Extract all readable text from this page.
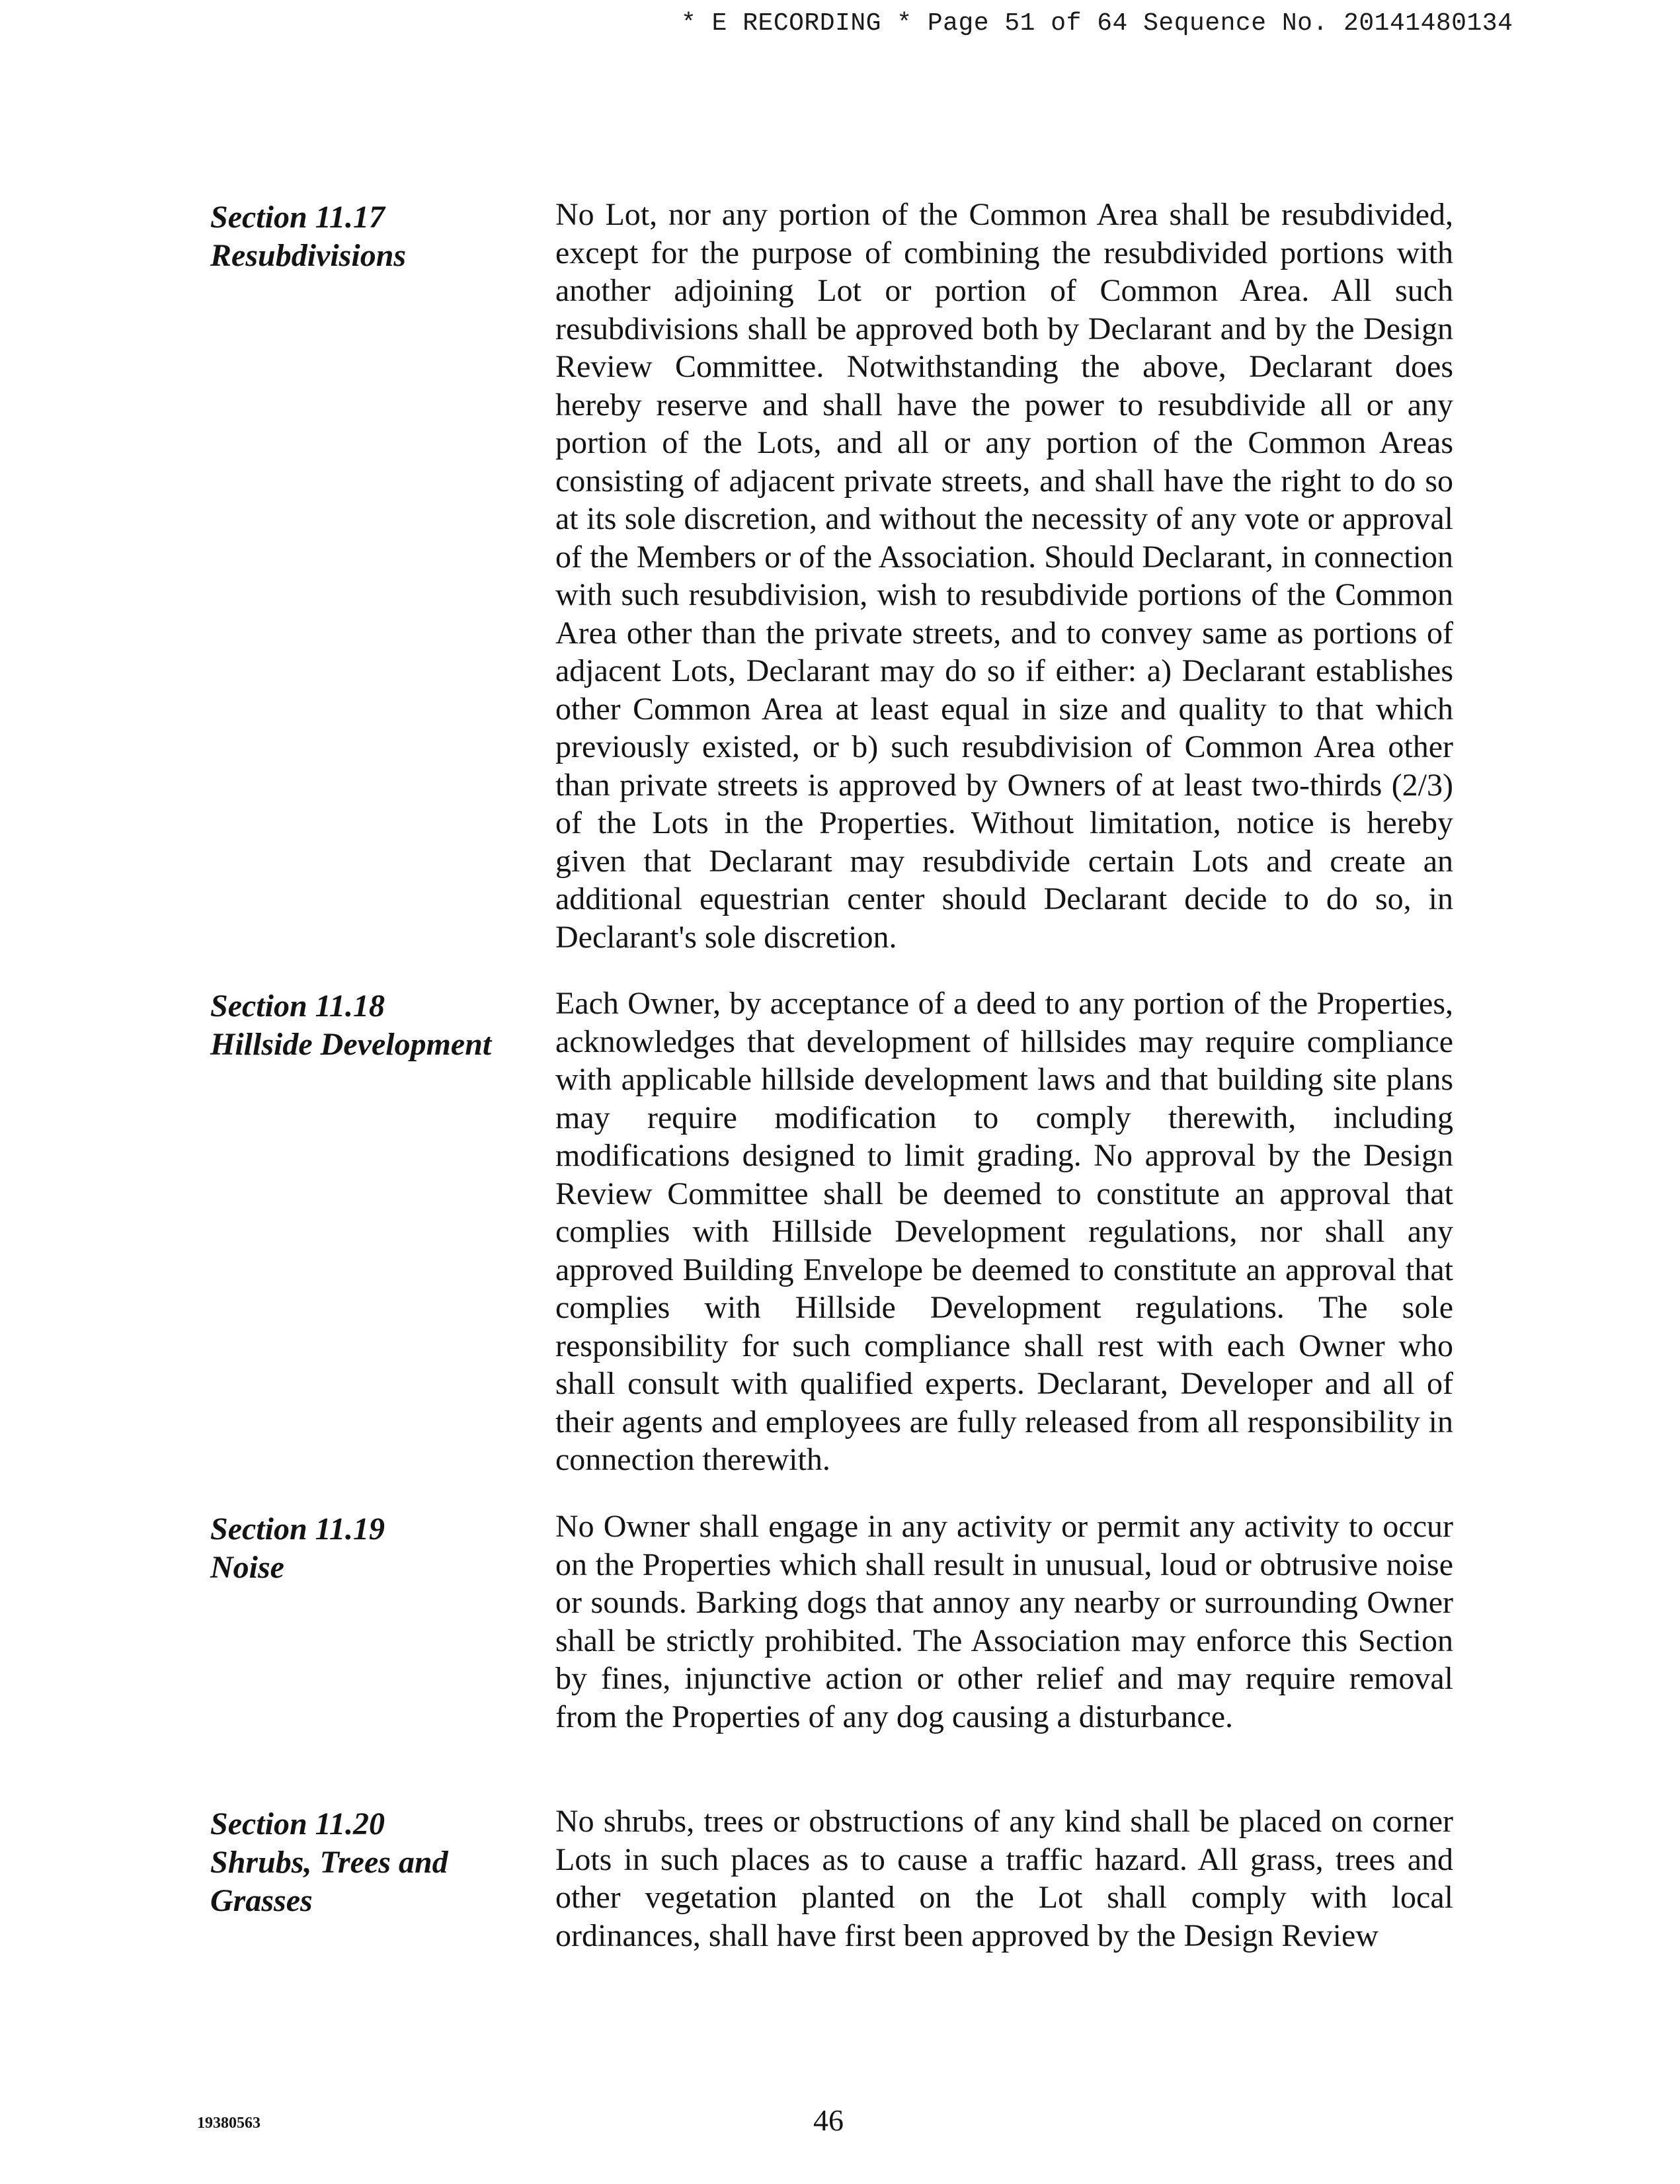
* E RECORDING * Page 51 of 64 Sequence No. 20141480134
Section 11.17
Resubdivisions

No Lot, nor any portion of the Common Area shall be resubdivided, except for the purpose of combining the resubdivided portions with another adjoining Lot or portion of Common Area. All such resubdivisions shall be approved both by Declarant and by the Design Review Committee. Notwithstanding the above, Declarant does hereby reserve and shall have the power to resubdivide all or any portion of the Lots, and all or any portion of the Common Areas consisting of adjacent private streets, and shall have the right to do so at its sole discretion, and without the necessity of any vote or approval of the Members or of the Association. Should Declarant, in connection with such resubdivision, wish to resubdivide portions of the Common Area other than the private streets, and to convey same as portions of adjacent Lots, Declarant may do so if either: a) Declarant establishes other Common Area at least equal in size and quality to that which previously existed, or b) such resubdivision of Common Area other than private streets is approved by Owners of at least two-thirds (2/3) of the Lots in the Properties. Without limitation, notice is hereby given that Declarant may resubdivide certain Lots and create an additional equestrian center should Declarant decide to do so, in Declarant's sole discretion.

Section 11.18
Hillside Development

Each Owner, by acceptance of a deed to any portion of the Properties, acknowledges that development of hillsides may require compliance with applicable hillside development laws and that building site plans may require modification to comply therewith, including modifications designed to limit grading. No approval by the Design Review Committee shall be deemed to constitute an approval that complies with Hillside Development regulations, nor shall any approved Building Envelope be deemed to constitute an approval that complies with Hillside Development regulations. The sole responsibility for such compliance shall rest with each Owner who shall consult with qualified experts. Declarant, Developer and all of their agents and employees are fully released from all responsibility in connection therewith.

Section 11.19
Noise

No Owner shall engage in any activity or permit any activity to occur on the Properties which shall result in unusual, loud or obtrusive noise or sounds. Barking dogs that annoy any nearby or surrounding Owner shall be strictly prohibited. The Association may enforce this Section by fines, injunctive action or other relief and may require removal from the Properties of any dog causing a disturbance.

Section 11.20
Shrubs, Trees and
Grasses

No shrubs, trees or obstructions of any kind shall be placed on corner Lots in such places as to cause a traffic hazard. All grass, trees and other vegetation planted on the Lot shall comply with local ordinances, shall have first been approved by the Design Review

19380563	46
